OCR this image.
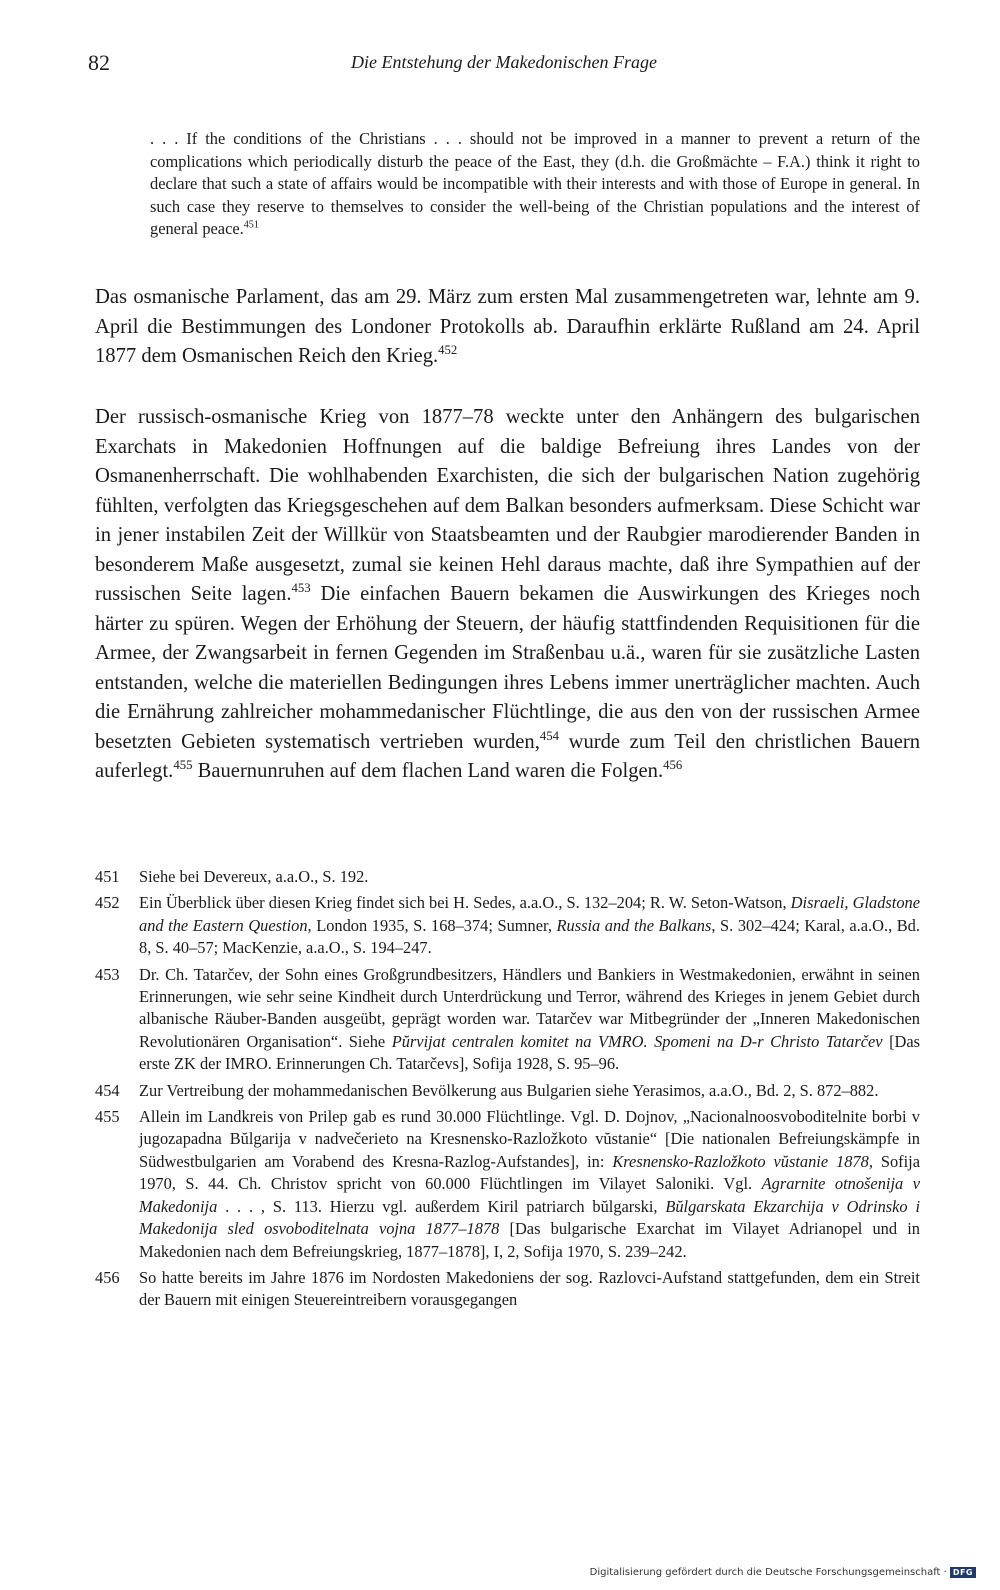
82	Die Entstehung der Makedonischen Frage

. . . If the conditions of the Christians . . . should not be improved in a manner to prevent a return of the complications which periodically disturb the peace of the East, they (d.h. die Großmächte – F.A.) think it right to declare that such a state of affairs would be incompatible with their interests and with those of Europe in general. In such case they reserve to themselves to consider the well-being of the Christian populations and the interest of general peace.$^{451}$

Das osmanische Parlament, das am 29. März zum ersten Mal zusammengetreten war, lehnte am 9. April die Bestimmungen des Londoner Protokolls ab. Daraufhin erklärte Rußland am 24. April 1877 dem Osmanischen Reich den Krieg.$^{452}$

Der russisch-osmanische Krieg von 1877–78 weckte unter den Anhängern des bulgarischen Exarchats in Makedonien Hoffnungen auf die baldige Befreiung ihres Landes von der Osmanenherrschaft. Die wohlhabenden Exarchisten, die sich der bulgarischen Nation zugehörig fühlten, verfolgten das Kriegsgeschehen auf dem Balkan besonders aufmerksam. Diese Schicht war in jener instabilen Zeit der Willkür von Staatsbeamten und der Raubgier marodierender Banden in besonderem Maße ausgesetzt, zumal sie keinen Hehl daraus machte, daß ihre Sympathien auf der russischen Seite lagen.$^{453}$ Die einfachen Bauern bekamen die Auswirkungen des Krieges noch härter zu spüren. Wegen der Erhöhung der Steuern, der häufig stattfindenden Requisitionen für die Armee, der Zwangsarbeit in fernen Gegenden im Straßenbau u.ä., waren für sie zusätzliche Lasten entstanden, welche die materiellen Bedingungen ihres Lebens immer unerträglicher machten. Auch die Ernährung zahlreicher mohammedanischer Flüchtlinge, die aus den von der russischen Armee besetzten Gebieten systematisch vertrieben wurden,$^{454}$ wurde zum Teil den christlichen Bauern auferlegt.$^{455}$ Bauernunruhen auf dem flachen Land waren die Folgen.$^{456}$

451 Siehe bei Devereux, a.a.O., S. 192.

452 Ein Überblick über diesen Krieg findet sich bei H. Sedes, a.a.O., S. 132–204; R. W. Seton-Watson, Disraeli, Gladstone and the Eastern Question, London 1935, S. 168–374; Sumner, Russia and the Balkans, S. 302–424; Karal, a.a.O., Bd. 8, S. 40–57; MacKenzie, a.a.O., S. 194–247.

453 Dr. Ch. Tatarčev, der Sohn eines Großgrundbesitzers, Händlers und Bankiers in Westmakedonien, erwähnt in seinen Erinnerungen, wie sehr seine Kindheit durch Unterdrückung und Terror, während des Krieges in jenem Gebiet durch albanische Räuber-Banden ausgeübt, geprägt worden war. Tatarčev war Mitbegründer der „Inneren Makedonischen Revolutionären Organisation“. Siehe Pŭrvijat centralen komitet na VMRO. Spomeni na D-r Christo Tatarčev [Das erste ZK der IMRO. Erinnerungen Ch. Tatarčevs], Sofija 1928, S. 95–96.

454 Zur Vertreibung der mohammedanischen Bevölkerung aus Bulgarien siehe Yerasimos, a.a.O., Bd. 2, S. 872–882.

455 Allein im Landkreis von Prilep gab es rund 30.000 Flüchtlinge. Vgl. D. Dojnov, „Nacionalnoosvoboditelnite borbi v jugozapadna Bŭlgarija v nadvečerieto na Kresnensko-Razložkoto vŭstanie“ [Die nationalen Befreiungskämpfe in Südwestbulgarien am Vorabend des Kresna-Razlog-Aufstandes], in: Kresnensko-Razložkoto vŭstanie 1878, Sofija 1970, S. 44. Ch. Christov spricht von 60.000 Flüchtlingen im Vilayet Saloniki. Vgl. Agrarnite otnošenija v Makedonija . . . , S. 113. Hierzu vgl. außerdem Kiril patriarch bŭlgarski, Bŭlgarskata Ekzarchija v Odrinsko i Makedonija sled osvoboditelnata vojna 1877–1878 [Das bulgarische Exarchat im Vilayet Adrianopel und in Makedonien nach dem Befreiungskrieg, 1877–1878], I, 2, Sofija 1970, S. 239–242.

456 So hatte bereits im Jahre 1876 im Nordosten Makedoniens der sog. Razlovci-Aufstand stattgefunden, dem ein Streit der Bauern mit einigen Steuereintreibern vorausgegangen

Digitalisierung gefördert durch die Deutsche Forschungsgemeinschaft · DFG
